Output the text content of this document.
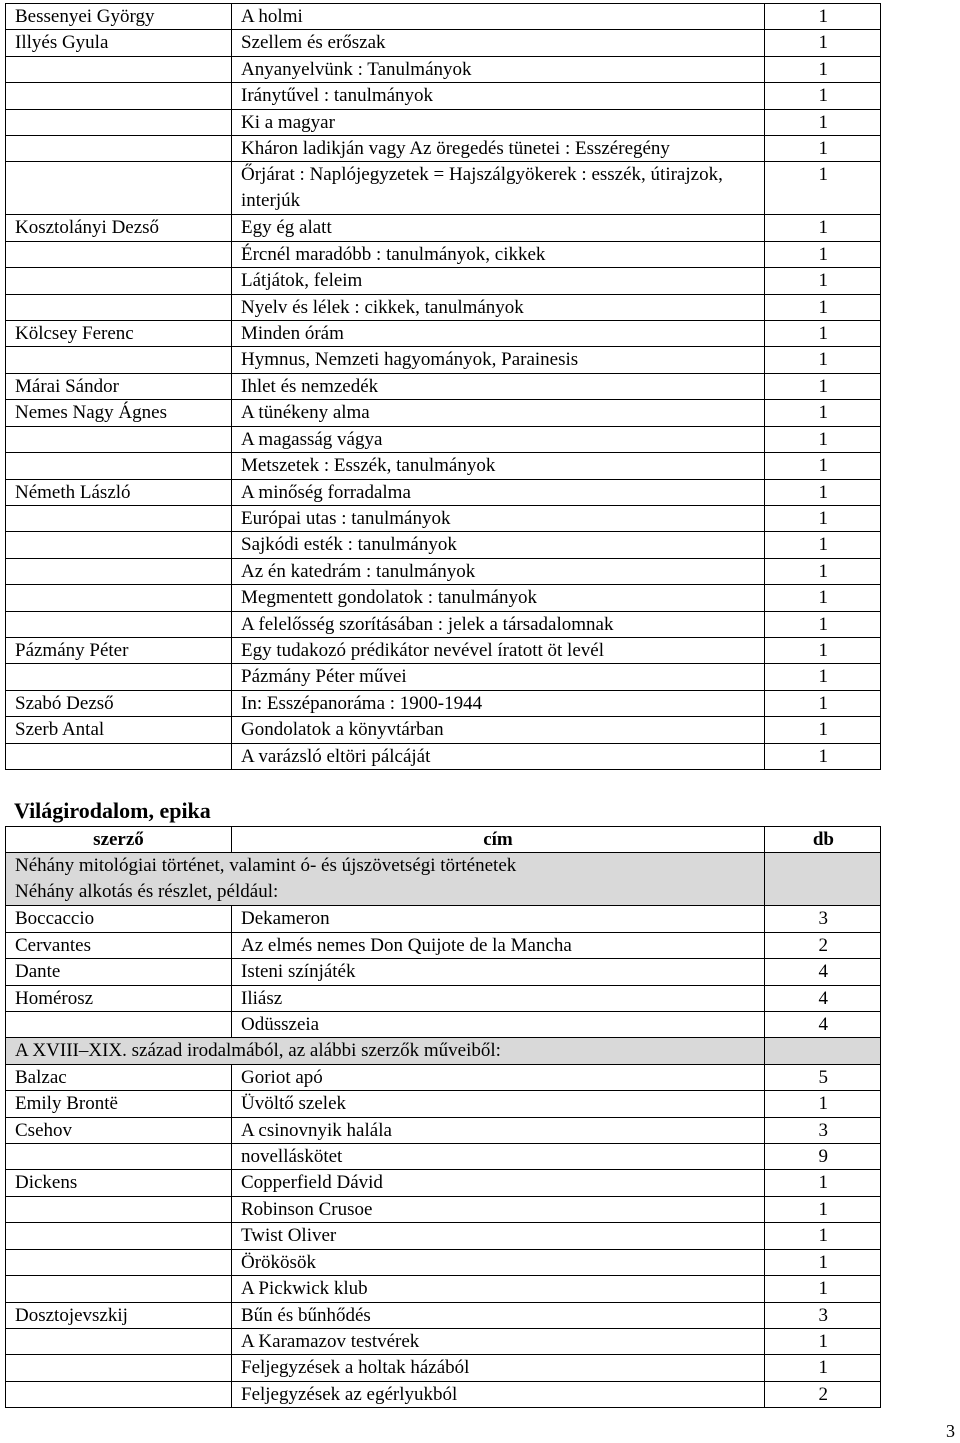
Bessenyei György	A holmi	1
Illyés Gyula	Szellem és erőszak	1
	Anyanyelvünk : Tanulmányok	1
	Iránytűvel : tanulmányok	1
	Ki a magyar	1
	Kháron ladikján vagy Az öregedés tünetei : Esszéregény	1
	Őrjárat : Naplójegyzetek = Hajszálgyökerek : esszék, útirajzok, interjúk	1
Kosztolányi Dezső	Egy ég alatt	1
	Ércnél maradóbb : tanulmányok, cikkek	1
	Látjátok, feleim	1
	Nyelv és lélek : cikkek, tanulmányok	1
Kölcsey Ferenc	Minden órám	1
	Hymnus, Nemzeti hagyományok, Parainesis	1
Márai Sándor	Ihlet és nemzedék	1
Nemes Nagy Ágnes	A tünékeny alma	1
	A magasság vágya	1
	Metszetek : Esszék, tanulmányok	1
Németh László	A minőség forradalma	1
	Európai utas : tanulmányok	1
	Sajkódi esték : tanulmányok	1
	Az én katedrám : tanulmányok	1
	Megmentett gondolatok : tanulmányok	1
	A felelősség szorításában : jelek a társadalomnak	1
Pázmány Péter	Egy tudakozó prédikátor nevével íratott öt levél	1
	Pázmány Péter művei	1
Szabó Dezső	In: Esszépanoráma : 1900-1944	1
Szerb Antal	Gondolatok a könyvtárban	1
	A varázsló eltöri pálcáját	1
Világirodalom, epika
szerző	cím	db

Néhány mitológiai történet, valamint ó- és újszövetségi történetek
Néhány alkotás és részlet, például:		

Boccaccio	Dekameron	3
Cervantes	Az elmés nemes Don Quijote de la Mancha	2
Dante	Isteni színjáték	4
Homérosz	Iliász	4
	Odüsszeia	4
A XVIII–XIX. század irodalmából, az alábbi szerzők műveiből:		
Balzac	Goriot apó	5
Emily Brontë	Üvöltő szelek	1
Csehov	A csinovnyik halála	3
	novelláskötet	9
Dickens	Copperfield Dávid	1
	Robinson Crusoe	1
	Twist Oliver	1
	Örökösök	1
	A Pickwick klub	1
Dosztojevszkij	Bűn és bűnhődés	3
	A Karamazov testvérek	1
	Feljegyzések a holtak házából	1
	Feljegyzések az egérlyukból	2
3
